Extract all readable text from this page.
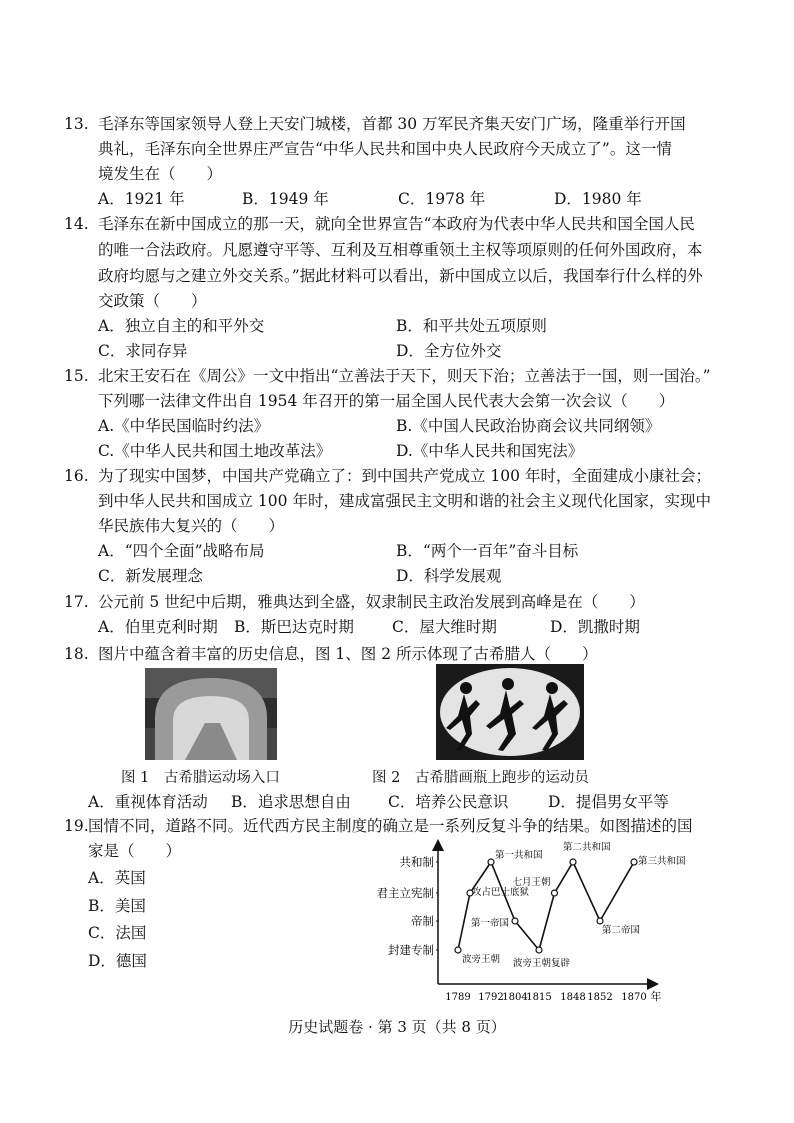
13. 毛泽东等国家领导人登上天安门城楼，首都 30 万军民齐集天安门广场，隆重举行开国
典礼，毛泽东向全世界庄严宣告“中华人民共和国中央人民政府今天成立了”。这一情
境发生在（　　）
A．1921 年	B．1949 年	C．1978 年	D．1980 年
14. 毛泽东在新中国成立的那一天，就向全世界宣告“本政府为代表中华人民共和国全国人民
的唯一合法政府。凡愿遵守平等、互利及互相尊重领土主权等项原则的任何外国政府，本
政府均愿与之建立外交关系。”据此材料可以看出，新中国成立以后，我国奉行什么样的外
交政策（　　）
A．独立自主的和平外交	B．和平共处五项原则
C．求同存异	D．全方位外交
15. 北宋王安石在《周公》一文中指出“立善法于天下，则天下治；立善法于一国，则一国治。”
下列哪一法律文件出自 1954 年召开的第一届全国人民代表大会第一次会议（　　）
A.《中华民国临时约法》	B.《中国人民政治协商会议共同纲领》
C.《中华人民共和国土地改革法》	D.《中华人民共和国宪法》
16. 为了现实中国梦，中国共产党确立了：到中国共产党成立 100 年时，全面建成小康社会；
到中华人民共和国成立 100 年时，建成富强民主文明和谐的社会主义现代化国家，实现中
华民族伟大复兴的（　　）
A．“四个全面”战略布局	B．“两个一百年”奋斗目标
C．新发展理念	D．科学发展观
17. 公元前 5 世纪中后期，雅典达到全盛，奴隶制民主政治发展到高峰是在（　　）
A．伯里克利时期 B．斯巴达克时期 C．屋大维时期	D．凯撒时期
18. 图片中蕴含着丰富的历史信息，图 1、图 2 所示体现了古希腊人（　　）
图 1　古希腊运动场入口	图 2　古希腊画瓶上跑步的运动员
A．重视体育活动 B．追求思想自由 C．培养公民意识	D．提倡男女平等
19. 国情不同，道路不同。近代西方民主制度的确立是一系列反复斗争的结果。如图描述的国
家是（　　）
A．英国
B．美国
C．法国
D．德国
封建专制
帝制
君主立宪制
共和制
1789 1792
1804
1815 1848 1852 1870 年
波旁王朝
攻占巴士底狱
第一共和国
第一帝国
波旁王朝复辟
七月王朝
第二共和国
第二帝国
第三共和国
历史试题卷 · 第 3 页（共 8 页）
